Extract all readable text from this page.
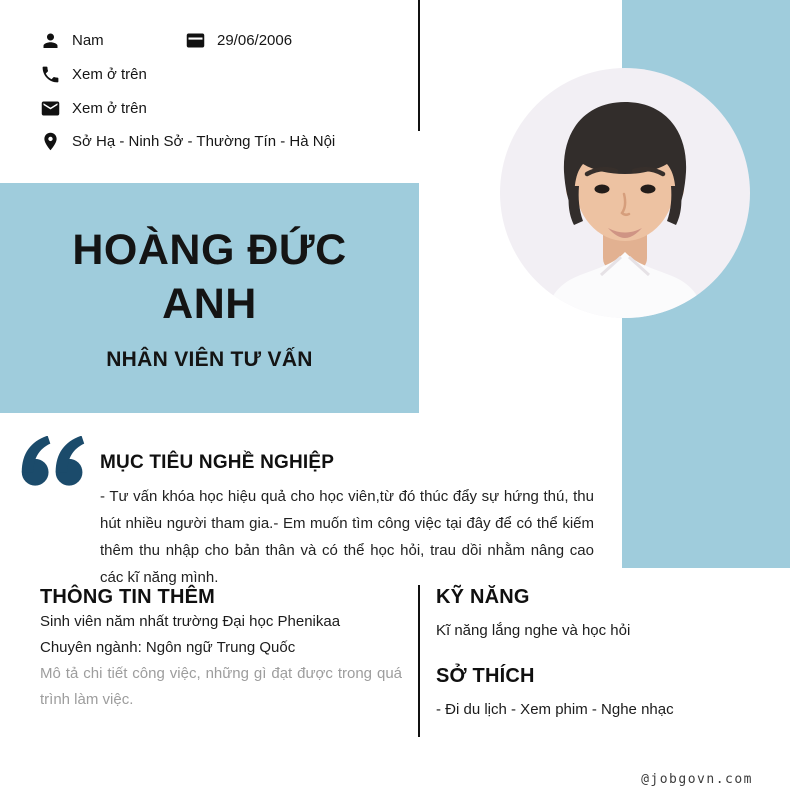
Nam	29/06/2006
Xem ở trên
Xem ở trên
Sở Hạ - Ninh Sở - Thường Tín - Hà Nội
HOÀNG ĐỨC ANH
NHÂN VIÊN TƯ VẤN
MỤC TIÊU NGHỀ NGHIỆP
- Tư vấn khóa học hiệu quả cho học viên,từ đó thúc đẩy sự hứng thú, thu hút nhiều người tham gia.- Em muốn tìm công việc tại đây để có thể kiếm thêm thu nhập cho bản thân và có thể học hỏi, trau dồi nhằm nâng cao các kĩ năng mình.
THÔNG TIN THÊM
Sinh viên năm nhất trường Đại học Phenikaa
Chuyên ngành: Ngôn ngữ Trung Quốc
Mô tả chi tiết công việc, những gì đạt được trong quá trình làm việc.
KỸ NĂNG
Kĩ năng lắng nghe và học hỏi
SỞ THÍCH
- Đi du lịch - Xem phim - Nghe nhạc
@jobgovn.com
